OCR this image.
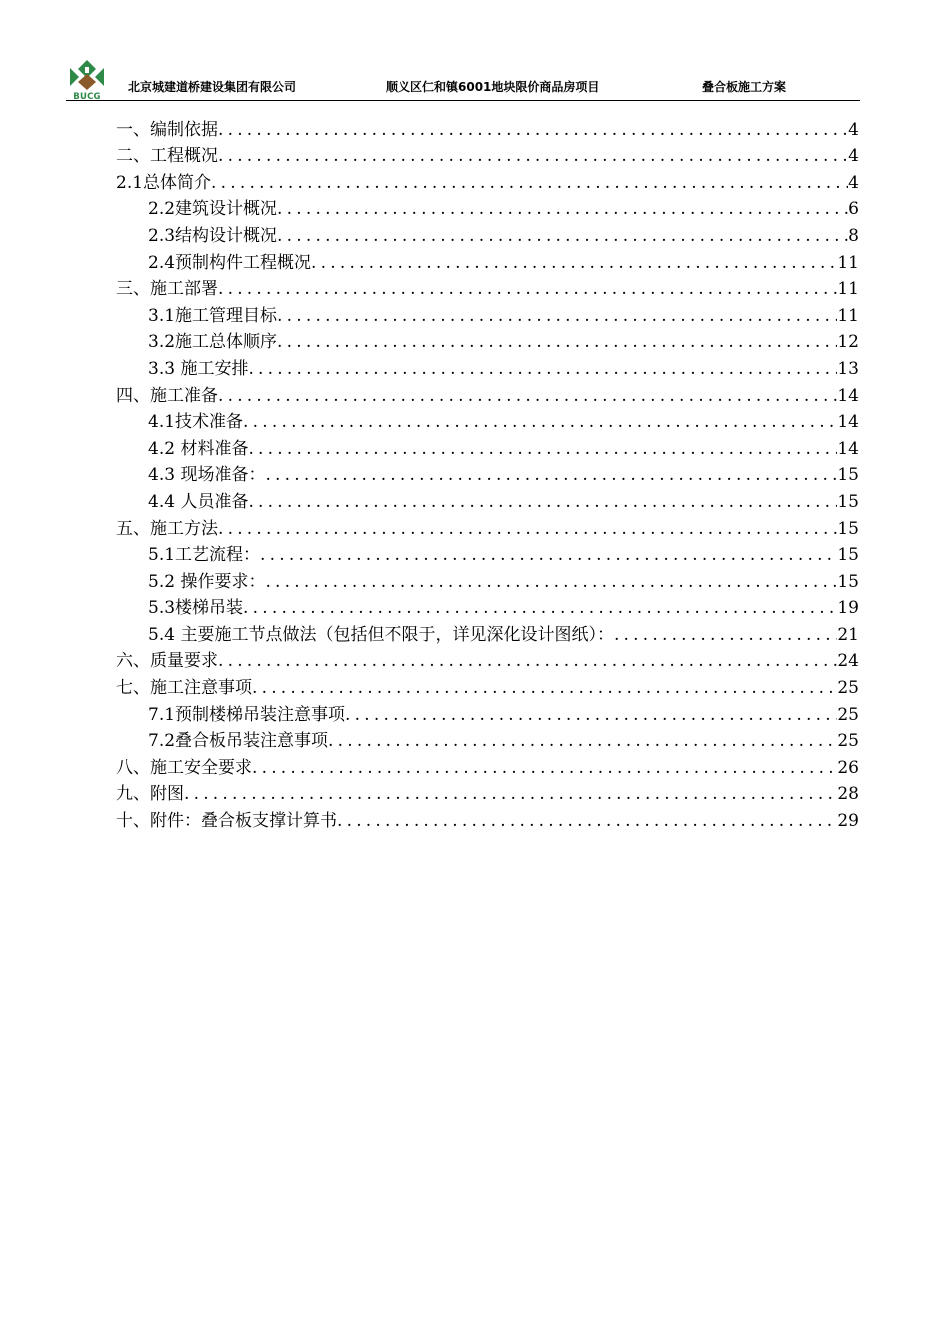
BUCG
北京城建道桥建设集团有限公司	顺义区仁和镇6001地块限价商品房项目	叠合板施工方案
一、编制依据 .....	4
二、工程概况 .....	4
2.1总体简介 .....	4
2.2建筑设计概况 .....	6
2.3结构设计概况 .....	8
2.4预制构件工程概况 .....	11
三、施工部署 .....	11
3.1施工管理目标 .....	11
3.2施工总体顺序 .....	12
3.3 施工安排 .....	13
四、施工准备 .....	14
4.1技术准备 .....	14
4.2 材料准备 .....	14
4.3 现场准备： .....	15
4.4 人员准备 .....	15
五、施工方法 .....	15
5.1工艺流程： .....	15
5.2 操作要求： .....	15
5.3楼梯吊装 .....	19
5.4 主要施工节点做法（包括但不限于，详见深化设计图纸）： .....	21
六、质量要求 .....	24
七、施工注意事项 .....	25
7.1预制楼梯吊装注意事项 .....	25
7.2叠合板吊装注意事项 .....	25
八、施工安全要求 .....	26
九、附图 .....	28
十、附件：叠合板支撑计算书 .....	29
